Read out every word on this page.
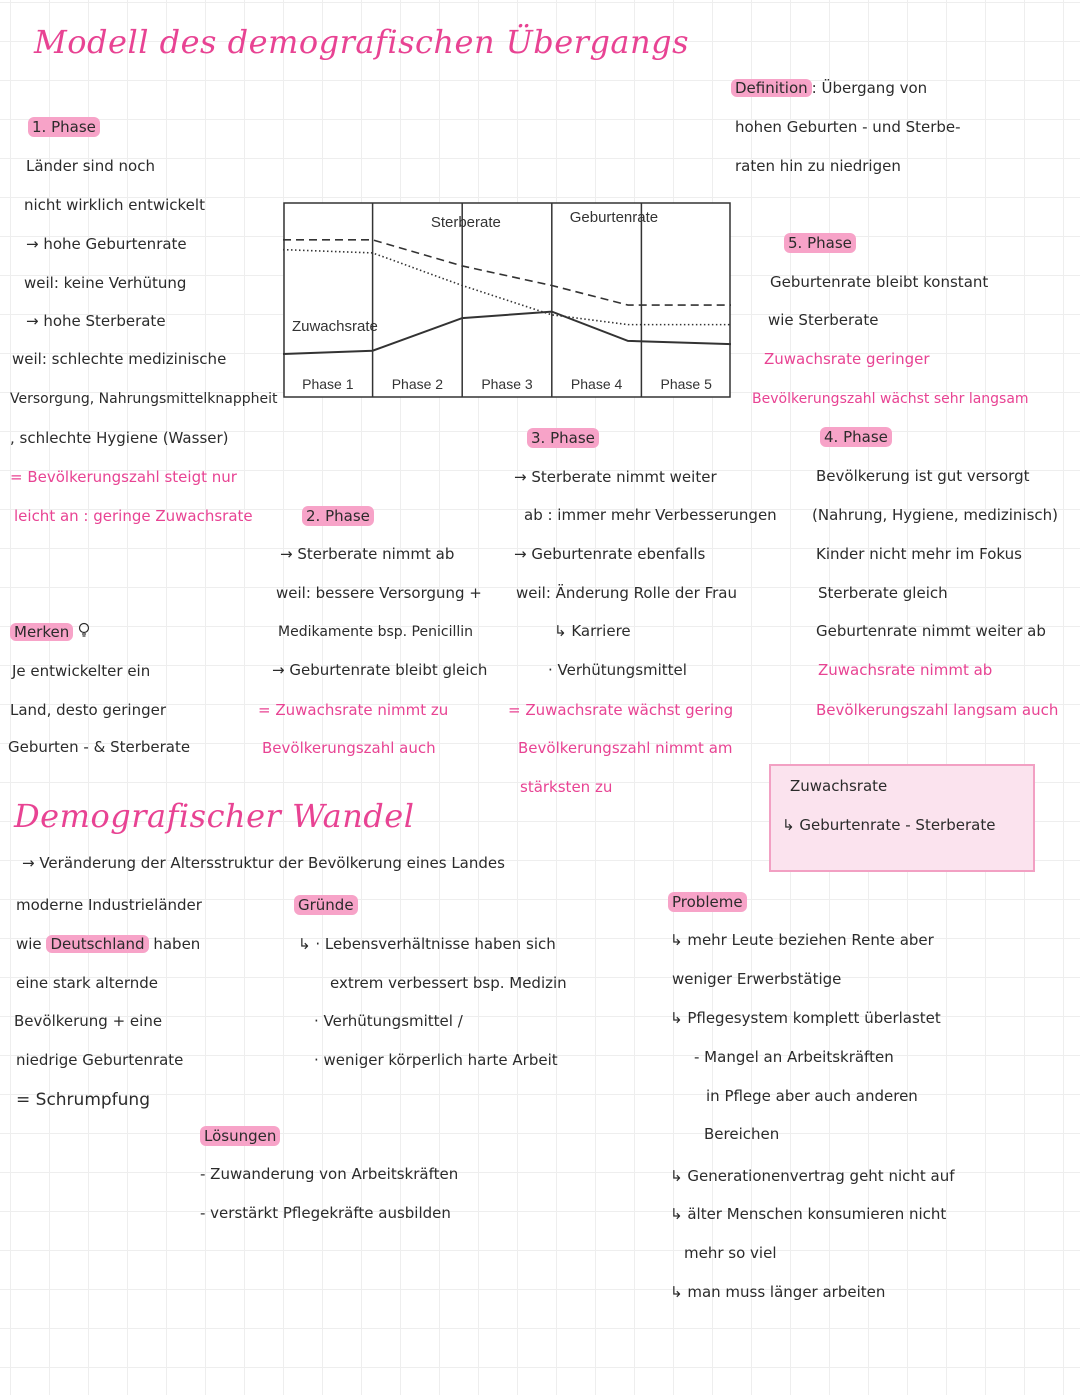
Modell des demografischen Übergangs
Demografischer Wandel
Definition : Übergang von
hohen Geburten - und Sterbe-
raten hin zu niedrigen
1. Phase
Länder sind noch
nicht wirklich entwickelt
→ hohe Geburtenrate
weil: keine Verhütung
→ hohe Sterberate
weil: schlechte medizinische
Versorgung, Nahrungsmittelknappheit
, schlechte Hygiene (Wasser)
= Bevölkerungszahl steigt nur
leicht an : geringe Zuwachsrate
Merken
Je entwickelter ein
Land, desto geringer
Geburten - & Sterberate
Sterberate	Geburtenrate
Zuwachsrate
Phase 1	Phase 2	Phase 3	Phase 4	Phase 5
2. Phase
→ Sterberate nimmt ab
weil: bessere Versorgung +
Medikamente bsp. Penicillin
→ Geburtenrate bleibt gleich
= Zuwachsrate nimmt zu
Bevölkerungszahl auch
3. Phase
→ Sterberate nimmt weiter
ab : immer mehr Verbesserungen
→ Geburtenrate ebenfalls
weil: Änderung Rolle der Frau
↳ Karriere
· Verhütungsmittel
= Zuwachsrate wächst gering
Bevölkerungszahl nimmt am
stärksten zu
5. Phase
Geburtenrate bleibt konstant
wie Sterberate
Zuwachsrate geringer
Bevölkerungszahl wächst sehr langsam
4. Phase
Bevölkerung ist gut versorgt
(Nahrung, Hygiene, medizinisch)
Kinder nicht mehr im Fokus
Sterberate gleich
Geburtenrate nimmt weiter ab
Zuwachsrate nimmt ab
Bevölkerungszahl langsam auch
Zuwachsrate
↳ Geburtenrate - Sterberate
→ Veränderung der Altersstruktur der Bevölkerung eines Landes
moderne Industrieländer
wie Deutschland haben
eine stark alternde
Bevölkerung + eine
niedrige Geburtenrate
= Schrumpfung
Gründe
↳ · Lebensverhältnisse haben sich
extrem verbessert bsp. Medizin
· Verhütungsmittel /
· weniger körperlich harte Arbeit
Lösungen
- Zuwanderung von Arbeitskräften
- verstärkt Pflegekräfte ausbilden
Probleme
↳ mehr Leute beziehen Rente aber
weniger Erwerbstätige
↳ Pflegesystem komplett überlastet
- Mangel an Arbeitskräften
in Pflege aber auch anderen
Bereichen
↳ Generationenvertrag geht nicht auf
↳ älter Menschen konsumieren nicht
mehr so viel
↳ man muss länger arbeiten
